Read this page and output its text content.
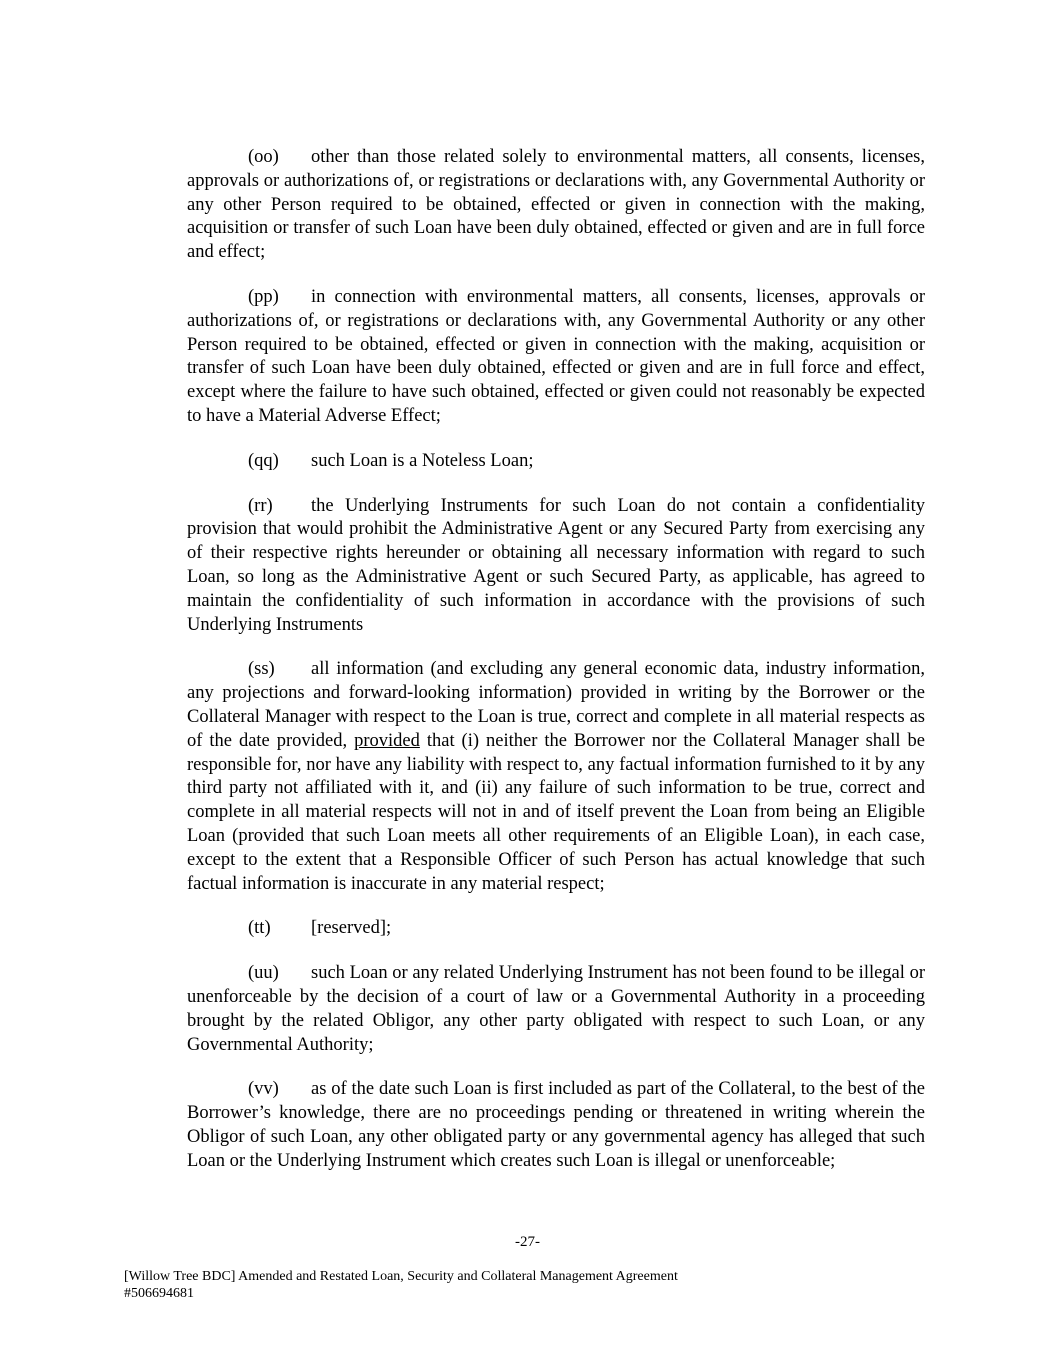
(oo) other than those related solely to environmental matters, all consents, licenses, approvals or authorizations of, or registrations or declarations with, any Governmental Authority or any other Person required to be obtained, effected or given in connection with the making, acquisition or transfer of such Loan have been duly obtained, effected or given and are in full force and effect;

(pp) in connection with environmental matters, all consents, licenses, approvals or authorizations of, or registrations or declarations with, any Governmental Authority or any other Person required to be obtained, effected or given in connection with the making, acquisition or transfer of such Loan have been duly obtained, effected or given and are in full force and effect, except where the failure to have such obtained, effected or given could not reasonably be expected to have a Material Adverse Effect;

(qq) such Loan is a Noteless Loan;

(rr) the Underlying Instruments for such Loan do not contain a confidentiality provision that would prohibit the Administrative Agent or any Secured Party from exercising any of their respective rights hereunder or obtaining all necessary information with regard to such Loan, so long as the Administrative Agent or such Secured Party, as applicable, has agreed to maintain the confidentiality of such information in accordance with the provisions of such Underlying Instruments

(ss) all information (and excluding any general economic data, industry information, any projections and forward-looking information) provided in writing by the Borrower or the Collateral Manager with respect to the Loan is true, correct and complete in all material respects as of the date provided, provided that (i) neither the Borrower nor the Collateral Manager shall be responsible for, nor have any liability with respect to, any factual information furnished to it by any third party not affiliated with it, and (ii) any failure of such information to be true, correct and complete in all material respects will not in and of itself prevent the Loan from being an Eligible Loan (provided that such Loan meets all other requirements of an Eligible Loan), in each case, except to the extent that a Responsible Officer of such Person has actual knowledge that such factual information is inaccurate in any material respect;

(tt) [reserved];

(uu) such Loan or any related Underlying Instrument has not been found to be illegal or unenforceable by the decision of a court of law or a Governmental Authority in a proceeding brought by the related Obligor, any other party obligated with respect to such Loan, or any Governmental Authority;

(vv) as of the date such Loan is first included as part of the Collateral, to the best of the Borrower’s knowledge, there are no proceedings pending or threatened in writing wherein the Obligor of such Loan, any other obligated party or any governmental agency has alleged that such Loan or the Underlying Instrument which creates such Loan is illegal or unenforceable;

-27-
[Willow Tree BDC] Amended and Restated Loan, Security and Collateral Management Agreement
#506694681
